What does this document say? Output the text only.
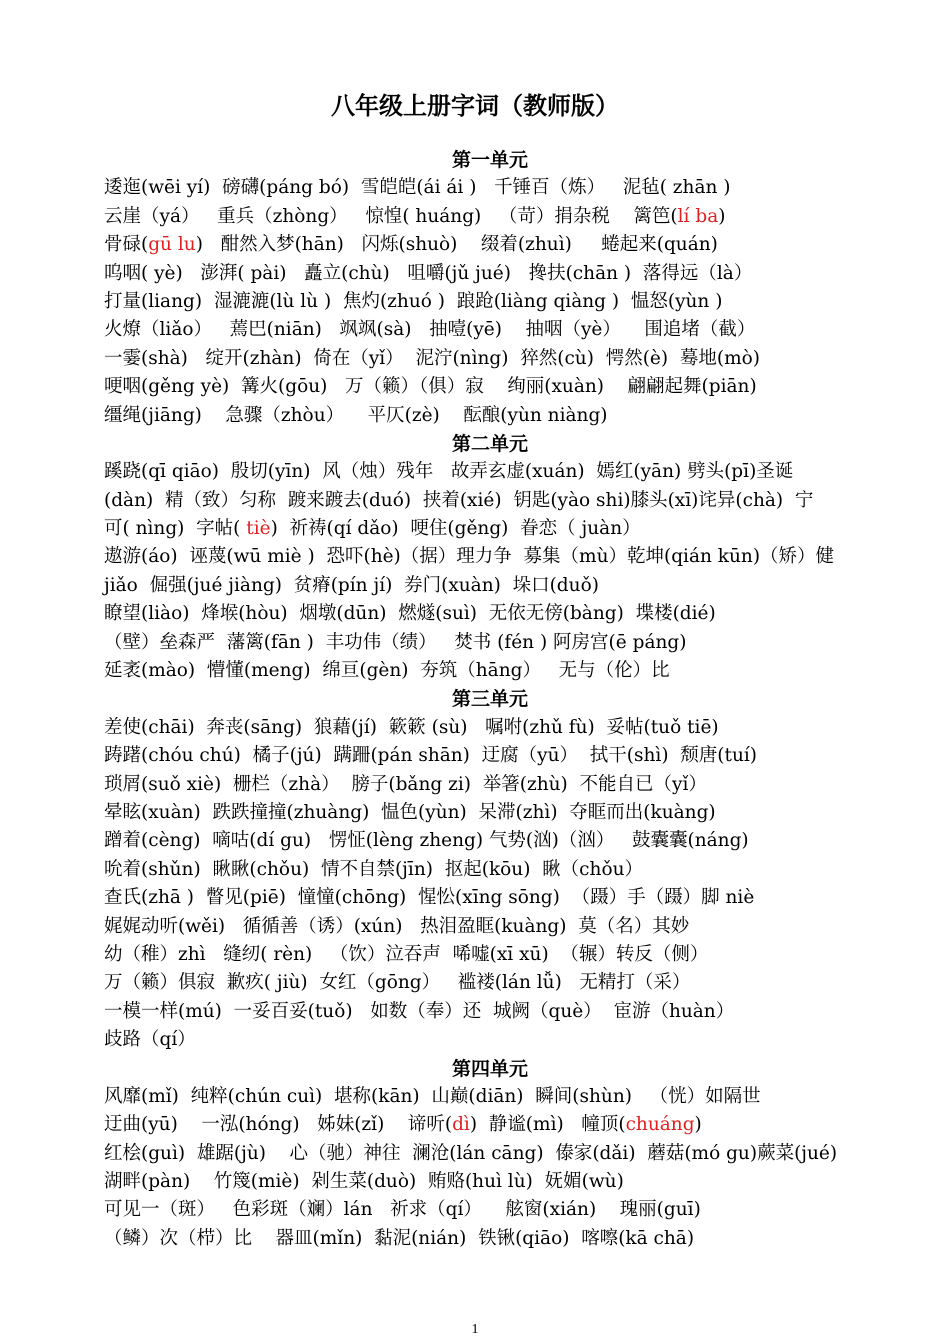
八年级上册字词（教师版）
第一单元
逶迤(wēi yí)  磅礴(páng bó)  雪皑皑(ái ái )   千锤百（炼）   泥毡( zhān )
云崖（yá）   重兵（zhòng）   惊惶( huáng)   （苛）捐杂税    篱笆(lí ba)
骨碌(gū lu)   酣然入梦(hān)   闪烁(shuò)    缀着(zhuì)     蜷起来(quán)
呜咽( yè)   澎湃( pài)   矗立(chù)   咀嚼(jǔ jué)   搀扶(chān )  落得远（là）
打量(liang)  湿漉漉(lù lù )  焦灼(zhuó )  踉跄(liàng qiàng )  愠怒(yùn )
火燎（liǎo）   蔫巴(niān)   飒飒(sà)   抽噎(yē)    抽咽（yè）    围追堵（截）
一霎(shà)   绽开(zhàn)  倚在（yǐ）  泥泞(nìng)  猝然(cù)  愕然(è)  蓦地(mò)
哽咽(gěng yè)  篝火(gōu)   万（籁）（俱）寂    绚丽(xuàn)    翩翩起舞(piān)
缰绳(jiāng)    急骤（zhòu）    平仄(zè)    酝酿(yùn niàng)
第二单元
蹊跷(qī qiāo)  殷切(yīn)  风（烛）残年   故弄玄虚(xuán)  嫣红(yān) 劈头(pī)圣诞
(dàn)  精（致）匀称  踱来踱去(duó)  挟着(xié)  钥匙(yào shi)膝头(xī)诧异(chà)  宁
可( nìng)  字帖( tiè)  祈祷(qí dǎo)  哽住(gěng)  眷恋（ juàn）
遨游(áo)  诬蔑(wū miè )  恐吓(hè)（据）理力争  募集（mù）乾坤(qián kūn)（矫）健
jiǎo  倔强(jué jiàng)  贫瘠(pín jí)  券门(xuàn)  垛口(duǒ)
瞭望(liào)  烽堠(hòu)  烟墩(dūn)  燃燧(suì)  无依无傍(bàng)  堞楼(dié)
（壁）垒森严  藩篱(fān )  丰功伟（绩）   焚书 (fén ) 阿房宫(ē páng)
延袤(mào)  懵懂(meng)  绵亘(gèn)  夯筑（hāng）   无与（伦）比
第三单元
差使(chāi)  奔丧(sāng)  狼藉(jí)  簌簌 (sù)   嘱咐(zhǔ fù)  妥帖(tuǒ tiē)
踌躇(chóu chú)  橘子(jú)  蹒跚(pán shān)  迂腐（yū）  拭干(shì)  颓唐(tuí)
琐屑(suǒ xiè)  栅栏（zhà）  膀子(bǎng zi)  举箸(zhù)  不能自已（yǐ）
晕眩(xuàn)  跌跌撞撞(zhuàng)  愠色(yùn)  呆滞(zhì)  夺眶而出(kuàng)
蹭着(cèng)  嘀咕(dí gu)   愣怔(lèng zheng) 气势(汹)（汹）   鼓囊囊(náng)
吮着(shǔn)  瞅瞅(chǒu)  情不自禁(jīn)  抠起(kōu)  瞅（chǒu）
查氏(zhā )  瞥见(piē)  憧憧(chōng)  惺忪(xīng sōng)  （蹑）手（蹑）脚 niè
娓娓动听(wěi)   循循善（诱）(xún)   热泪盈眶(kuàng)  莫（名）其妙
幼（稚）zhì   缝纫( rèn)   （饮）泣吞声  唏嘘(xī xū)  （辗）转反（侧）
万（籁）俱寂  歉疚( jiù)  女红（gōng）   褴褛(lán lǚ)   无精打（采）
一模一样(mú)  一妥百妥(tuǒ)   如数（奉）还  城阙（què）  宦游（huàn）
歧路（qí）
第四单元
风靡(mǐ)  纯粹(chún cuì)  堪称(kān)  山巅(diān)  瞬间(shùn)   （恍）如隔世
迂曲(yū)    一泓(hóng)   姊妹(zǐ)    谛听(dì)  静谧(mì)   幢顶(chuáng)
红桧(guì)  雄踞(jù)    心（驰）神往  澜沧(lán cāng)  傣家(dǎi)  蘑菇(mó gu)蕨菜(jué)
湖畔(pàn)    竹篾(miè)  剁生菜(duò)  贿赂(huì lù)  妩媚(wù)
可见一（斑）   色彩斑（斓）lán   祈求（qí）    舷窗(xián)    瑰丽(guī)
（鳞）次（栉）比    器皿(mǐn)  黏泥(nián)  铁锹(qiāo)  喀嚓(kā chā)
1
